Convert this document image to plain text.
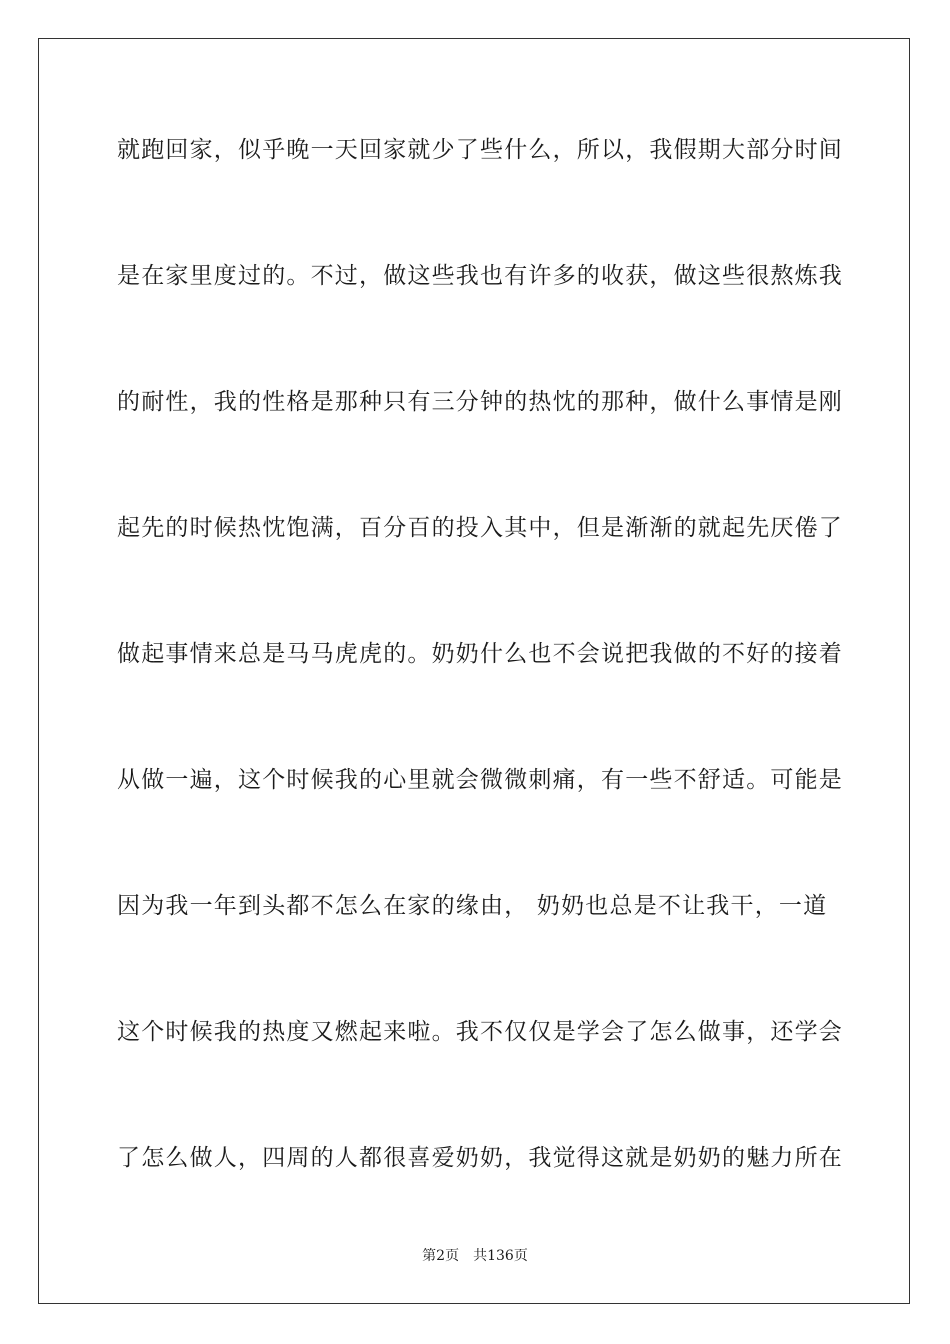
就跑回家，似乎晚一天回家就少了些什么，所以，我假期大部分时间
是在家里度过的。不过，做这些我也有许多的收获，做这些很熬炼我
的耐性，我的性格是那种只有三分钟的热忱的那种，做什么事情是刚
起先的时候热忱饱满，百分百的投入其中，但是渐渐的就起先厌倦了
做起事情来总是马马虎虎的。奶奶什么也不会说把我做的不好的接着
从做一遍，这个时候我的心里就会微微刺痛，有一些不舒适。可能是
因为我一年到头都不怎么在家的缘由， 奶奶也总是不让我干，一道
这个时候我的热度又燃起来啦。我不仅仅是学会了怎么做事，还学会
了怎么做人，四周的人都很喜爱奶奶，我觉得这就是奶奶的魅力所在
第2页 共136页
